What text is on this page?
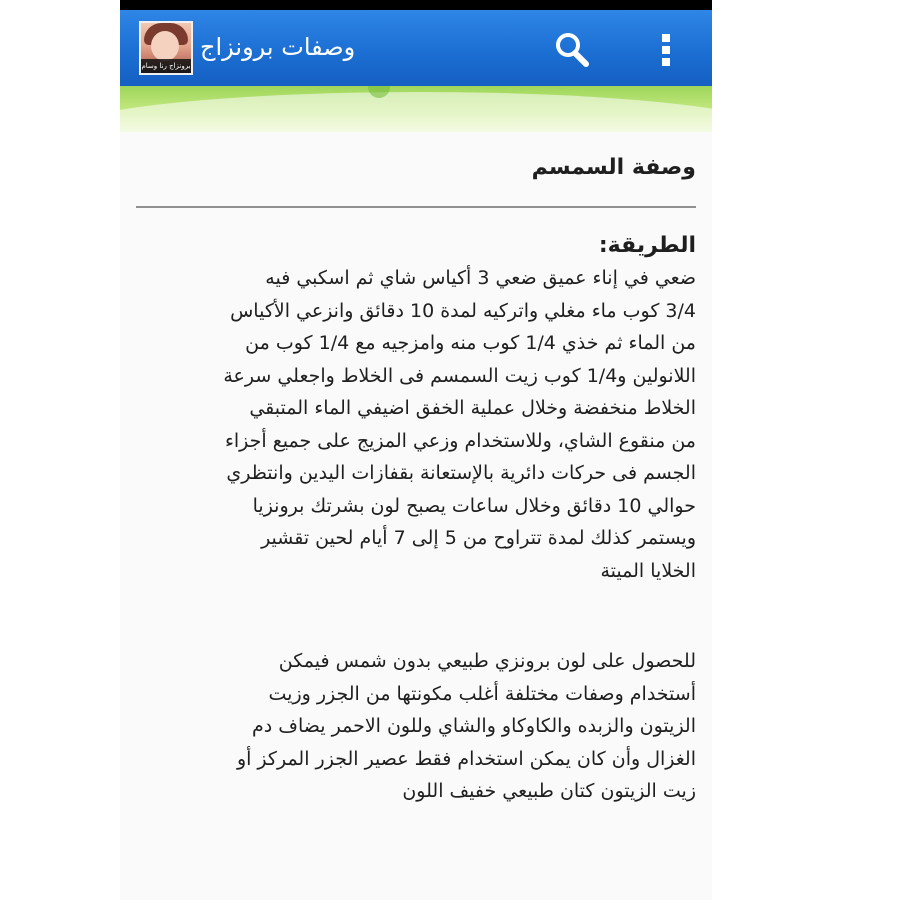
برونزاج رنا وسام
وصفات برونزاج
وصفة السمسم
الطريقة:
ضعي في إناء عميق ضعي 3 أكياس شاي ثم اسكبي فيه
3/4 كوب ماء مغلي واتركيه لمدة 10 دقائق وانزعي الأكياس
من الماء ثم خذي 1/4 كوب منه وامزجيه مع 1/4 كوب من
اللانولين و1/4 كوب زيت السمسم فى الخلاط واجعلي سرعة
الخلاط منخفضة وخلال عملية الخفق اضيفي الماء المتبقي
من منقوع الشاي، وللاستخدام وزعي المزيج على جميع أجزاء
الجسم فى حركات دائرية بالإستعانة بقفازات اليدين وانتظري
حوالي 10 دقائق وخلال ساعات يصبح لون بشرتك برونزيا
ويستمر كذلك لمدة تتراوح من 5 إلى 7 أيام لحين تقشير
الخلايا الميتة
للحصول على لون برونزي طبيعي بدون شمس فيمكن
أستخدام وصفات مختلفة أغلب مكونتها من الجزر وزيت
الزيتون والزبده والكاوكاو والشاي وللون الاحمر يضاف دم
الغزال وأن كان يمكن استخدام فقط عصير الجزر المركز أو
زيت الزيتون كتان طبيعي خفيف اللون
